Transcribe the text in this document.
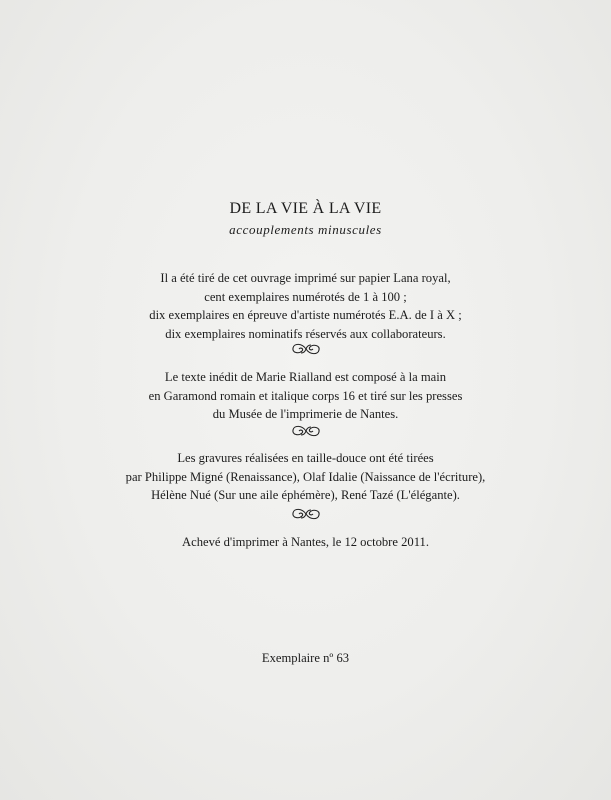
DE LA VIE À LA VIE
accouplements minuscules
Il a été tiré de cet ouvrage imprimé sur papier Lana royal,
cent exemplaires numérotés de 1 à 100 ;
dix exemplaires en épreuve d'artiste numérotés E.A. de I à X ;
dix exemplaires nominatifs réservés aux collaborateurs.
Le texte inédit de Marie Rialland est composé à la main
en Garamond romain et italique corps 16 et tiré sur les presses
du Musée de l'imprimerie de Nantes.
Les gravures réalisées en taille-douce ont été tirées
par Philippe Migné (Renaissance), Olaf Idalie (Naissance de l'écriture),
Hélène Nué (Sur une aile éphémère), René Tazé (L'élégante).
Achevé d'imprimer à Nantes, le 12 octobre 2011.
Exemplaire nº 63
